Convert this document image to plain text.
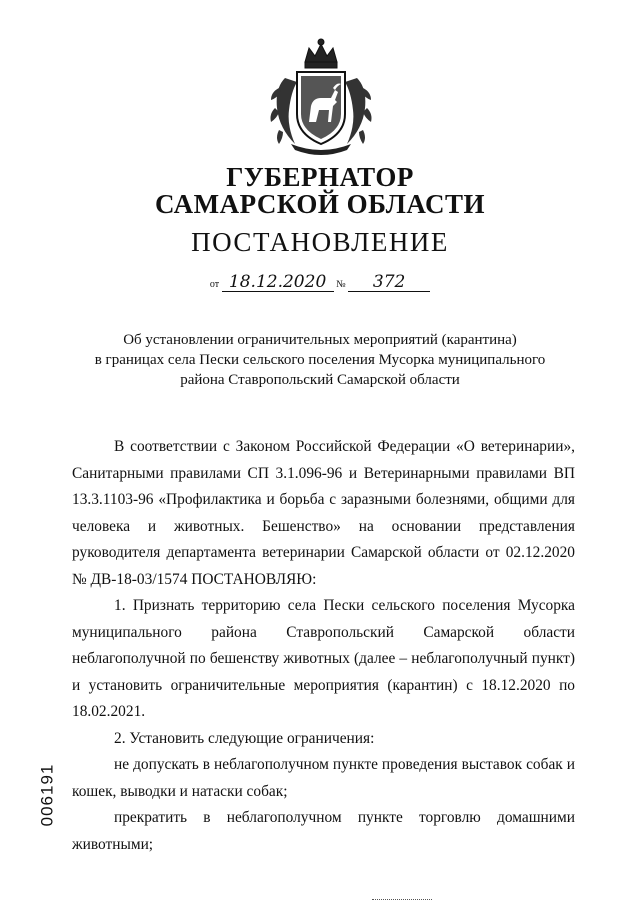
ГУБЕРНАТОР
САМАРСКОЙ ОБЛАСТИ
ПОСТАНОВЛЕНИЕ
от 18.12.2020 № 372
Об установлении ограничительных мероприятий (карантина)
в границах села Пески сельского поселения Мусорка муниципального
района Ставропольский Самарской области

В соответствии с Законом Российской Федерации «О ветеринарии», Санитарными правилами СП 3.1.096-96 и Ветеринарными правилами ВП 13.3.1103-96 «Профилактика и борьба с заразными болезнями, общими для человека и животных. Бешенство» на основании представления руководителя департамента ветеринарии Самарской области от 02.12.2020 № ДВ-18-03/1574 ПОСТАНОВЛЯЮ:

1. Признать территорию села Пески сельского поселения Мусорка муниципального района Ставропольский Самарской области неблагополучной по бешенству животных (далее – неблагополучный пункт) и установить ограничительные мероприятия (карантин) с 18.12.2020 по 18.02.2021.

2. Установить следующие ограничения:

не допускать в неблагополучном пункте проведения выставок собак и кошек, выводки и натаски собак;

прекратить в неблагополучном пункте торговлю домашними животными;

006191
